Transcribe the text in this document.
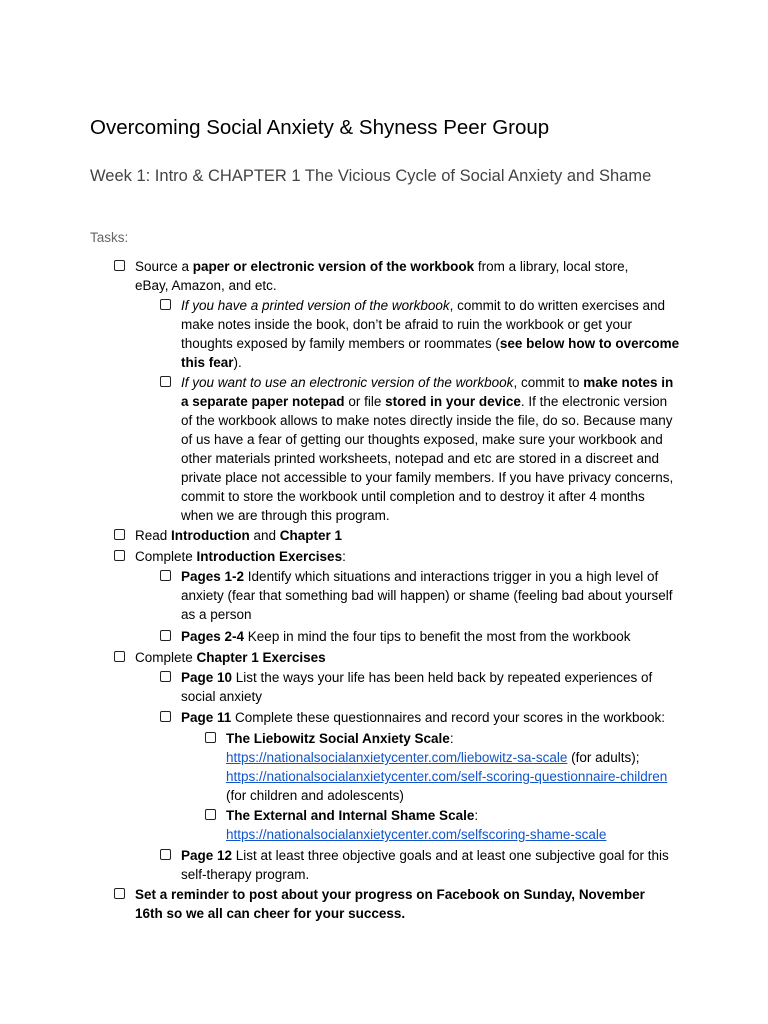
Overcoming Social Anxiety & Shyness Peer Group
Week 1: Intro & CHAPTER 1 The Vicious Cycle of Social Anxiety and Shame
Tasks:
Source a paper or electronic version of the workbook from a library, local store, eBay, Amazon, and etc.
If you have a printed version of the workbook, commit to do written exercises and make notes inside the book, don’t be afraid to ruin the workbook or get your thoughts exposed by family members or roommates (see below how to overcome this fear).
If you want to use an electronic version of the workbook, commit to make notes in a separate paper notepad or file stored in your device. If the electronic version of the workbook allows to make notes directly inside the file, do so. Because many of us have a fear of getting our thoughts exposed, make sure your workbook and other materials printed worksheets, notepad and etc are stored in a discreet and private place not accessible to your family members. If you have privacy concerns, commit to store the workbook until completion and to destroy it after 4 months when we are through this program.
Read Introduction and Chapter 1
Complete Introduction Exercises:
Pages 1-2 Identify which situations and interactions trigger in you a high level of anxiety (fear that something bad will happen) or shame (feeling bad about yourself as a person
Pages 2-4 Keep in mind the four tips to benefit the most from the workbook
Complete Chapter 1 Exercises
Page 10 List the ways your life has been held back by repeated experiences of social anxiety
Page 11 Complete these questionnaires and record your scores in the workbook:
The Liebowitz Social Anxiety Scale:
https://nationalsocialanxietycenter.com/liebowitz-sa-scale (for adults);
https://nationalsocialanxietycenter.com/self-scoring-questionnaire-children
(for children and adolescents)
The External and Internal Shame Scale:
https://nationalsocialanxietycenter.com/selfscoring-shame-scale
Page 12 List at least three objective goals and at least one subjective goal for this self-therapy program.
Set a reminder to post about your progress on Facebook on Sunday, November 16th so we all can cheer for your success.
